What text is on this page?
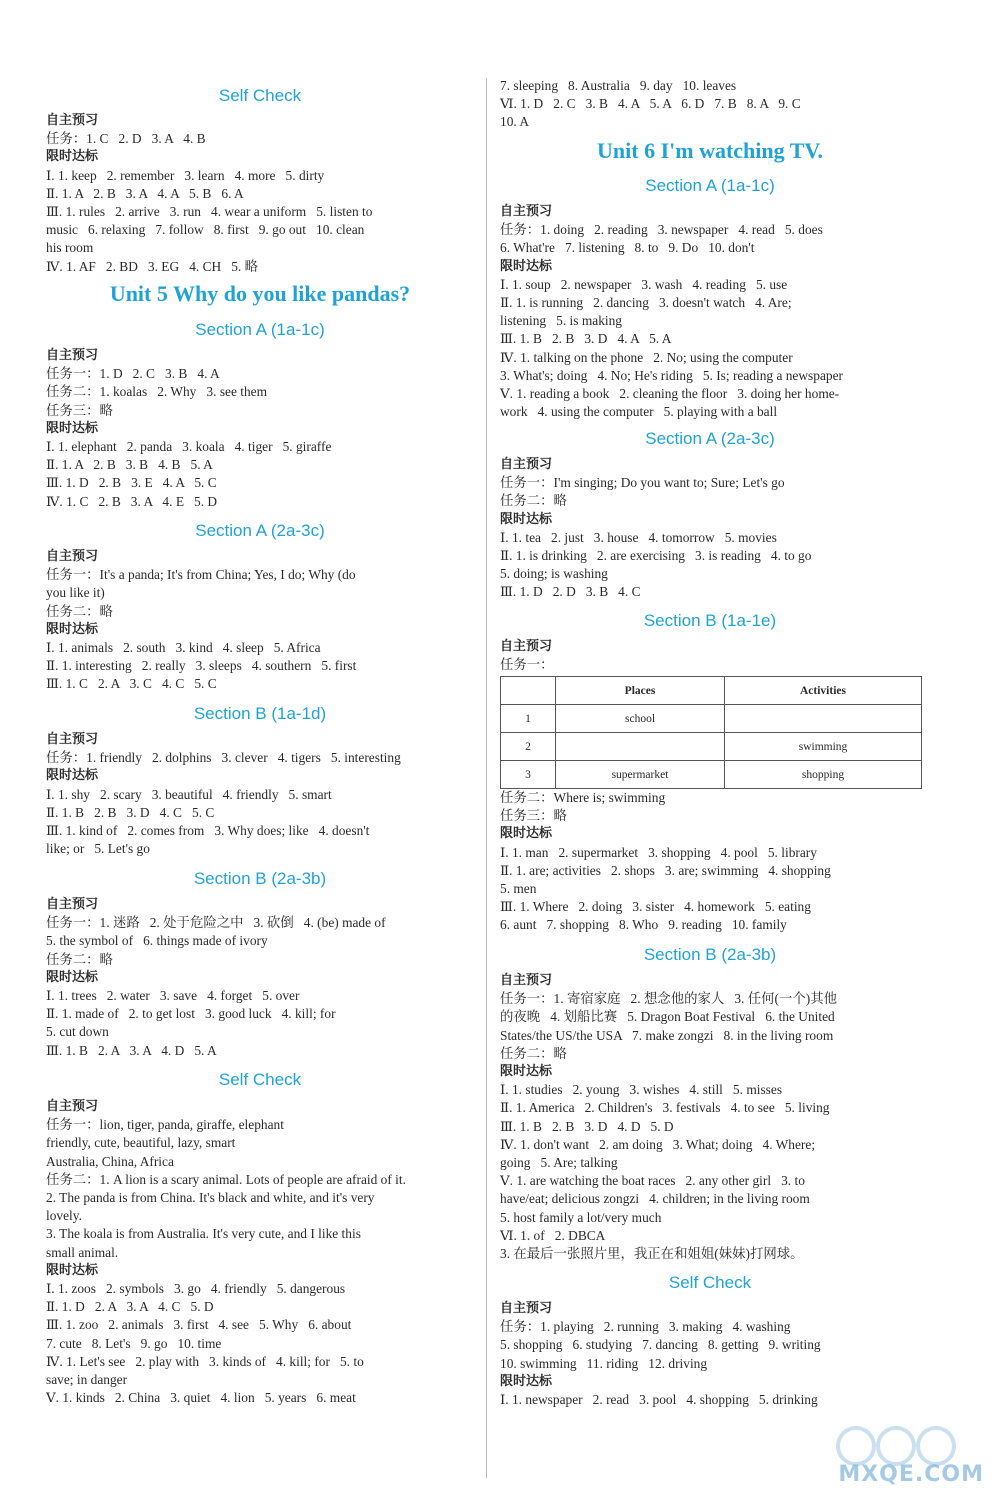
Self Check
自主预习
任务：1. C   2. D   3. A   4. B
限时达标
Ⅰ. 1. keep   2. remember   3. learn   4. more   5. dirty
Ⅱ. 1. A   2. B   3. A   4. A   5. B   6. A
Ⅲ. 1. rules   2. arrive   3. run   4. wear a uniform   5. listen to
music   6. relaxing   7. follow   8. first   9. go out   10. clean
his room
Ⅳ. 1. AF   2. BD   3. EG   4. CH   5. 略
Unit 5 Why do you like pandas?
Section A (1a-1c)
自主预习
任务一：1. D   2. C   3. B   4. A
任务二：1. koalas   2. Why   3. see them
任务三：略
限时达标
Ⅰ. 1. elephant   2. panda   3. koala   4. tiger   5. giraffe
Ⅱ. 1. A   2. B   3. B   4. B   5. A
Ⅲ. 1. D   2. B   3. E   4. A   5. C
Ⅳ. 1. C   2. B   3. A   4. E   5. D
Section A (2a-3c)
自主预习
任务一：It's a panda; It's from China; Yes, I do; Why (do
you like it)
任务二：略
限时达标
Ⅰ. 1. animals   2. south   3. kind   4. sleep   5. Africa
Ⅱ. 1. interesting   2. really   3. sleeps   4. southern   5. first
Ⅲ. 1. C   2. A   3. C   4. C   5. C
Section B (1a-1d)
自主预习
任务：1. friendly   2. dolphins   3. clever   4. tigers   5. interesting
限时达标
Ⅰ. 1. shy   2. scary   3. beautiful   4. friendly   5. smart
Ⅱ. 1. B   2. B   3. D   4. C   5. C
Ⅲ. 1. kind of   2. comes from   3. Why does; like   4. doesn't
like; or   5. Let's go
Section B (2a-3b)
自主预习
任务一：1. 迷路   2. 处于危险之中   3. 砍倒   4. (be) made of
5. the symbol of   6. things made of ivory
任务二：略
限时达标
Ⅰ. 1. trees   2. water   3. save   4. forget   5. over
Ⅱ. 1. made of   2. to get lost   3. good luck   4. kill; for
5. cut down
Ⅲ. 1. B   2. A   3. A   4. D   5. A
Self Check
自主预习
任务一：lion, tiger, panda, giraffe, elephant
friendly, cute, beautiful, lazy, smart
Australia, China, Africa
任务二：1. A lion is a scary animal. Lots of people are afraid of it.
2. The panda is from China. It's black and white, and it's very
lovely.
3. The koala is from Australia. It's very cute, and I like this
small animal.
限时达标
Ⅰ. 1. zoos   2. symbols   3. go   4. friendly   5. dangerous
Ⅱ. 1. D   2. A   3. A   4. C   5. D
Ⅲ. 1. zoo   2. animals   3. first   4. see   5. Why   6. about
7. cute   8. Let's   9. go   10. time
Ⅳ. 1. Let's see   2. play with   3. kinds of   4. kill; for   5. to
save; in danger
Ⅴ. 1. kinds   2. China   3. quiet   4. lion   5. years   6. meat
7. sleeping   8. Australia   9. day   10. leaves
Ⅵ. 1. D   2. C   3. B   4. A   5. A   6. D   7. B   8. A   9. C
10. A
Unit 6 I'm watching TV.
Section A (1a-1c)
自主预习
任务：1. doing   2. reading   3. newspaper   4. read   5. does
6. What're   7. listening   8. to   9. Do   10. don't
限时达标
Ⅰ. 1. soup   2. newspaper   3. wash   4. reading   5. use
Ⅱ. 1. is running   2. dancing   3. doesn't watch   4. Are;
listening   5. is making
Ⅲ. 1. B   2. B   3. D   4. A   5. A
Ⅳ. 1. talking on the phone   2. No; using the computer
3. What's; doing   4. No; He's riding   5. Is; reading a newspaper
Ⅴ. 1. reading a book   2. cleaning the floor   3. doing her home-
work   4. using the computer   5. playing with a ball
Section A (2a-3c)
自主预习
任务一：I'm singing; Do you want to; Sure; Let's go
任务二：略
限时达标
Ⅰ. 1. tea   2. just   3. house   4. tomorrow   5. movies
Ⅱ. 1. is drinking   2. are exercising   3. is reading   4. to go
5. doing; is washing
Ⅲ. 1. D   2. D   3. B   4. C
Section B (1a-1e)
自主预习
任务一：
	Places	Activities
1	school	
2		swimming
3	supermarket	shopping
任务二：Where is; swimming
任务三：略
限时达标
Ⅰ. 1. man   2. supermarket   3. shopping   4. pool   5. library
Ⅱ. 1. are; activities   2. shops   3. are; swimming   4. shopping
5. men
Ⅲ. 1. Where   2. doing   3. sister   4. homework   5. eating
6. aunt   7. shopping   8. Who   9. reading   10. family
Section B (2a-3b)
自主预习
任务一：1. 寄宿家庭   2. 想念他的家人   3. 任何(一个)其他
的夜晚   4. 划船比赛   5. Dragon Boat Festival   6. the United
States/the US/the USA   7. make zongzi   8. in the living room
任务二：略
限时达标
Ⅰ. 1. studies   2. young   3. wishes   4. still   5. misses
Ⅱ. 1. America   2. Children's   3. festivals   4. to see   5. living
Ⅲ. 1. B   2. B   3. D   4. D   5. D
Ⅳ. 1. don't want   2. am doing   3. What; doing   4. Where;
going   5. Are; talking
Ⅴ. 1. are watching the boat races   2. any other girl   3. to
have/eat; delicious zongzi   4. children; in the living room
5. host family a lot/very much
Ⅵ. 1. of   2. DBCA
3. 在最后一张照片里，我正在和姐姐(妹妹)打网球。
Self Check
自主预习
任务：1. playing   2. running   3. making   4. washing
5. shopping   6. studying   7. dancing   8. getting   9. writing
10. swimming   11. riding   12. driving
限时达标
Ⅰ. 1. newspaper   2. read   3. pool   4. shopping   5. drinking
MXQE.COM
